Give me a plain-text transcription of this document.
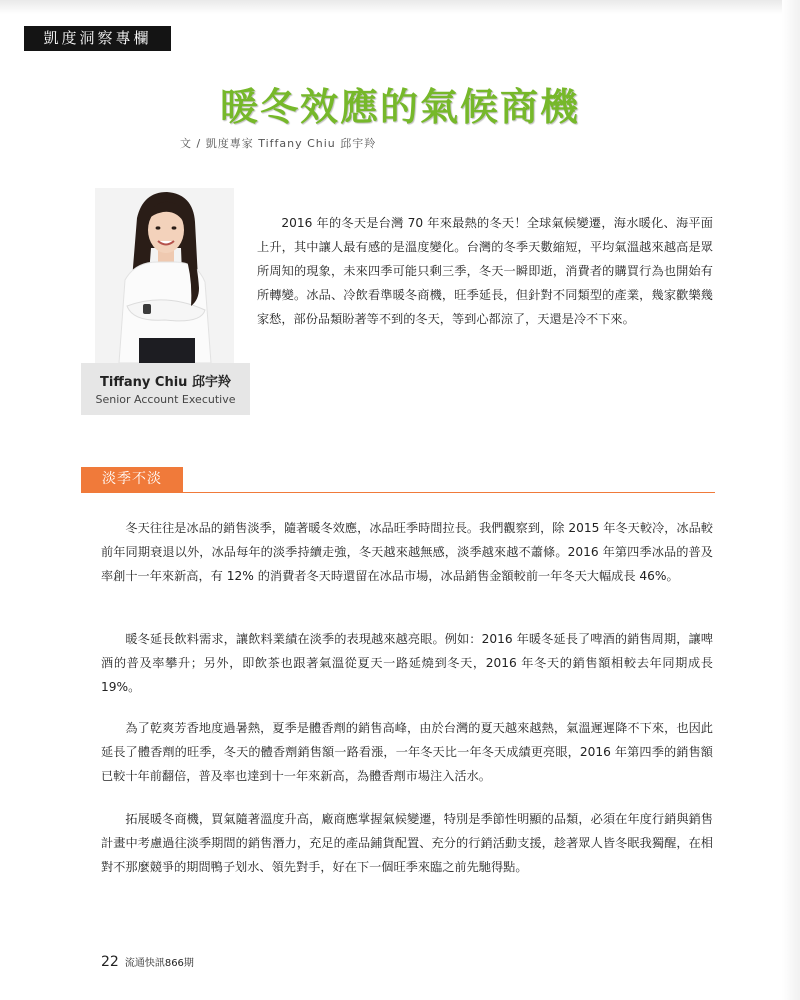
凱度洞察專欄
暖冬效應的氣候商機
文 / 凱度專家 Tiffany Chiu 邱宇羚
Tiffany Chiu 邱宇羚
Senior Account Executive

2016 年的冬天是台灣 70 年來最熱的冬天！全球氣候變遷，海水暖化、海平面上升，其中讓人最有感的是溫度變化。台灣的冬季天數縮短，平均氣溫越來越高是眾所周知的現象，未來四季可能只剩三季，冬天一瞬即逝，消費者的購買行為也開始有所轉變。冰品、冷飲看準暖冬商機，旺季延長，但針對不同類型的產業，幾家歡樂幾家愁，部份品類盼著等不到的冬天，等到心都涼了，天還是冷不下來。

淡季不淡

冬天往往是冰品的銷售淡季，隨著暖冬效應，冰品旺季時間拉長。我們觀察到，除 2015 年冬天較冷，冰品較前年同期衰退以外，冰品每年的淡季持續走強，冬天越來越無感，淡季越來越不蕭條。2016 年第四季冰品的普及率創十一年來新高，有 12% 的消費者冬天時還留在冰品市場，冰品銷售金額較前一年冬天大幅成長 46%。

暖冬延長飲料需求，讓飲料業績在淡季的表現越來越亮眼。例如：2016 年暖冬延長了啤酒的銷售周期，讓啤酒的普及率攀升；另外，即飲茶也跟著氣溫從夏天一路延燒到冬天，2016 年冬天的銷售額相較去年同期成長 19%。

為了乾爽芳香地度過暑熱，夏季是體香劑的銷售高峰，由於台灣的夏天越來越熱，氣溫遲遲降不下來，也因此延長了體香劑的旺季，冬天的體香劑銷售額一路看漲，一年冬天比一年冬天成績更亮眼，2016 年第四季的銷售額已較十年前翻倍，普及率也達到十一年來新高，為體香劑市場注入活水。

拓展暖冬商機，買氣隨著溫度升高，廠商應掌握氣候變遷，特別是季節性明顯的品類，必須在年度行銷與銷售計畫中考慮過往淡季期間的銷售潛力，充足的產品鋪貨配置、充分的行銷活動支援，趁著眾人皆冬眠我獨醒，在相對不那麼競爭的期間鴨子划水、領先對手，好在下一個旺季來臨之前先馳得點。

22 流通快訊866期
